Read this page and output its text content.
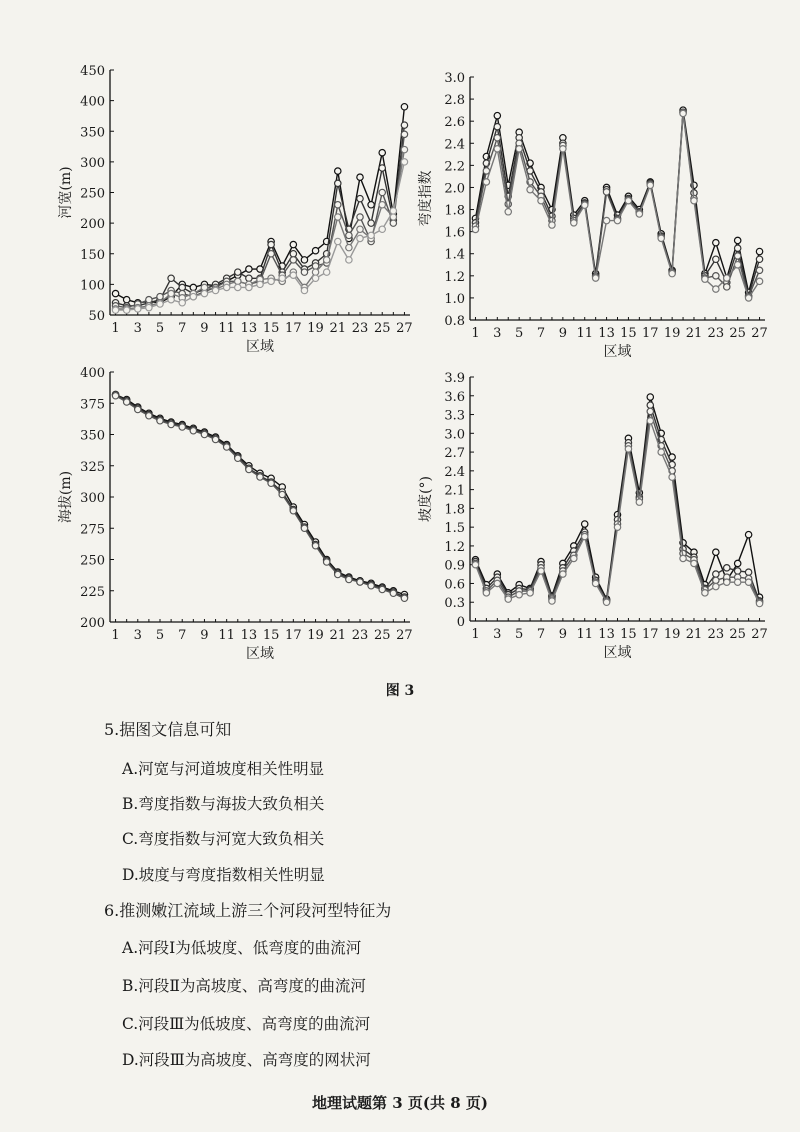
50
100
150
200
250
300
350
400
450
1 3 5 7 9 11 13 15 17 19 21 23 25 27
区域
河宽(m)
0.8
1.0
1.2
1.4
1.6
1.8
2.0
2.2
2.4
2.6
2.8
3.0
1 3 5 7 9 11 13 15 17 19 21 23 25 27
区域
弯度指数
200
225
250
275
300
325
350
375
400
1 3 5 7 9 11 13 15 17 19 21 23 25 27
区域
海拔(m)
0
0.3
0.6
0.9
1.2
1.5
1.8
2.1
2.4
2.7
3.0
3.3
3.6
3.9
1 3 5 7 9 11 13 15 17 19 21 23 25 27
区域
坡度(°)
图 3
5.据图文信息可知
A.河宽与河道坡度相关性明显
B.弯度指数与海拔大致负相关
C.弯度指数与河宽大致负相关
D.坡度与弯度指数相关性明显
6.推测嫩江流域上游三个河段河型特征为
A.河段Ⅰ为低坡度、低弯度的曲流河
B.河段Ⅱ为高坡度、高弯度的曲流河
C.河段Ⅲ为低坡度、高弯度的曲流河
D.河段Ⅲ为高坡度、高弯度的网状河
地理试题第 3 页(共 8 页)
